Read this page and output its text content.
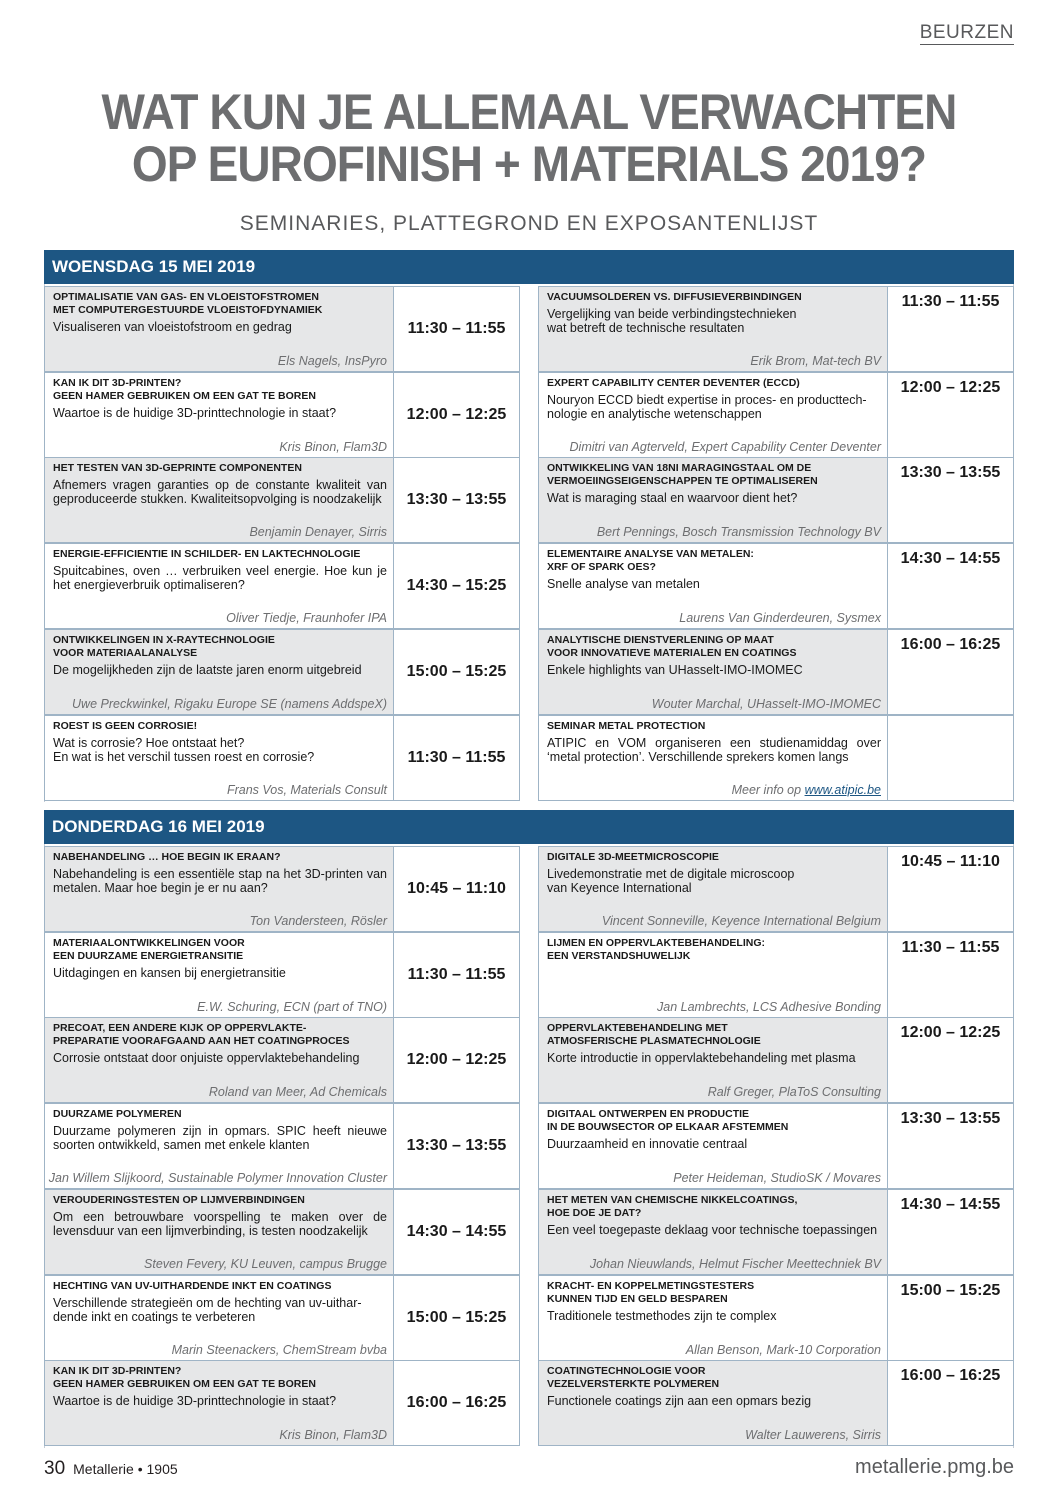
BEURZEN
WAT KUN JE ALLEMAAL VERWACHTEN
OP EUROFINISH + MATERIALS 2019?
SEMINARIES, PLATTEGROND EN EXPOSANTENLIJST
WOENSDAG 15 MEI 2019
OPTIMALISATIE VAN GAS- EN VLOEISTOFSTROMEN
MET COMPUTERGESTUURDE VLOEISTOFDYNAMIEK
Visualiseren van vloeistofstroom en gedrag
Els Nagels, InsPyro
11:30 – 11:55
KAN IK DIT 3D-PRINTEN?
GEEN HAMER GEBRUIKEN OM EEN GAT TE BOREN
Waartoe is de huidige 3D-printtechnologie in staat?
Kris Binon, Flam3D
12:00 – 12:25
HET TESTEN VAN 3D-GEPRINTE COMPONENTEN
Afnemers vragen garanties op de constante kwaliteit van geproduceerde stukken. Kwaliteitsopvolging is noodzakelijk
Benjamin Denayer, Sirris
13:30 – 13:55
ENERGIE-EFFICIENTIE IN SCHILDER- EN LAKTECHNOLOGIE
Spuitcabines, oven … verbruiken veel energie. Hoe kun je het energieverbruik optimaliseren?
Oliver Tiedje, Fraunhofer IPA
14:30 – 15:25
ONTWIKKELINGEN IN X-RAYTECHNOLOGIE
VOOR MATERIAALANALYSE
De mogelijkheden zijn de laatste jaren enorm uitgebreid
Uwe Preckwinkel, Rigaku Europe SE (namens AddspeX)
15:00 – 15:25
ROEST IS GEEN CORROSIE!
Wat is corrosie? Hoe ontstaat het?
En wat is het verschil tussen roest en corrosie?
Frans Vos, Materials Consult
11:30 – 11:55
VACUUMSOLDEREN VS. DIFFUSIEVERBINDINGEN
Vergelijking van beide verbindingstechnieken
wat betreft de technische resultaten
Erik Brom, Mat-tech BV
11:30 – 11:55
EXPERT CAPABILITY CENTER DEVENTER (ECCD)
Nouryon ECCD biedt expertise in proces- en producttech-
nologie en analytische wetenschappen
Dimitri van Agterveld, Expert Capability Center Deventer
12:00 – 12:25
ONTWIKKELING VAN 18NI MARAGINGSTAAL OM DE
VERMOEIINGSEIGENSCHAPPEN TE OPTIMALISEREN
Wat is maraging staal en waarvoor dient het?
Bert Pennings, Bosch Transmission Technology BV
13:30 – 13:55
ELEMENTAIRE ANALYSE VAN METALEN:
XRF OF SPARK OES?
Snelle analyse van metalen
Laurens Van Ginderdeuren, Sysmex
14:30 – 14:55
ANALYTISCHE DIENSTVERLENING OP MAAT
VOOR INNOVATIEVE MATERIALEN EN COATINGS
Enkele highlights van UHasselt-IMO-IMOMEC
Wouter Marchal, UHasselt-IMO-IMOMEC
16:00 – 16:25
SEMINAR METAL PROTECTION
ATIPIC en VOM organiseren een studienamiddag over ‘metal protection’. Verschillende sprekers komen langs
Meer info op www.atipic.be
DONDERDAG 16 MEI 2019
NABEHANDELING … HOE BEGIN IK ERAAN?
Nabehandeling is een essentiële stap na het 3D-printen van metalen. Maar hoe begin je er nu aan?
Ton Vandersteen, Rösler
10:45 – 11:10
MATERIAALONTWIKKELINGEN VOOR
EEN DUURZAME ENERGIETRANSITIE
Uitdagingen en kansen bij energietransitie
E.W. Schuring, ECN (part of TNO)
11:30 – 11:55
PRECOAT, EEN ANDERE KIJK OP OPPERVLAKTE-
PREPARATIE VOORAFGAAND AAN HET COATINGPROCES
Corrosie ontstaat door onjuiste oppervlaktebehandeling
Roland van Meer, Ad Chemicals
12:00 – 12:25
DUURZAME POLYMEREN
Duurzame polymeren zijn in opmars. SPIC heeft nieuwe soorten ontwikkeld, samen met enkele klanten
Jan Willem Slijkoord, Sustainable Polymer Innovation Cluster
13:30 – 13:55
VEROUDERINGSTESTEN OP LIJMVERBINDINGEN
Om een betrouwbare voorspelling te maken over de levensduur van een lijmverbinding, is testen noodzakelijk
Steven Fevery, KU Leuven, campus Brugge
14:30 – 14:55
HECHTING VAN UV-UITHARDENDE INKT EN COATINGS
Verschillende strategieën om de hechting van uv-uithar-
dende inkt en coatings te verbeteren
Marin Steenackers, ChemStream bvba
15:00 – 15:25
KAN IK DIT 3D-PRINTEN?
GEEN HAMER GEBRUIKEN OM EEN GAT TE BOREN
Waartoe is de huidige 3D-printtechnologie in staat?
Kris Binon, Flam3D
16:00 – 16:25
DIGITALE 3D-MEETMICROSCOPIE
Livedemonstratie met de digitale microscoop
van Keyence International
Vincent Sonneville, Keyence International Belgium
10:45 – 11:10
LIJMEN EN OPPERVLAKTEBEHANDELING:
EEN VERSTANDSHUWELIJK
Jan Lambrechts, LCS Adhesive Bonding
11:30 – 11:55
OPPERVLAKTEBEHANDELING MET
ATMOSFERISCHE PLASMATECHNOLOGIE
Korte introductie in oppervlaktebehandeling met plasma
Ralf Greger, PlaToS Consulting
12:00 – 12:25
DIGITAAL ONTWERPEN EN PRODUCTIE
IN DE BOUWSECTOR OP ELKAAR AFSTEMMEN
Duurzaamheid en innovatie centraal
Peter Heideman, StudioSK / Movares
13:30 – 13:55
HET METEN VAN CHEMISCHE NIKKELCOATINGS,
HOE DOE JE DAT?
Een veel toegepaste deklaag voor technische toepassingen
Johan Nieuwlands, Helmut Fischer Meettechniek BV
14:30 – 14:55
KRACHT- EN KOPPELMETINGSTESTERS
KUNNEN TIJD EN GELD BESPAREN
Traditionele testmethodes zijn te complex
Allan Benson, Mark-10 Corporation
15:00 – 15:25
COATINGTECHNOLOGIE VOOR
VEZELVERSTERKTE POLYMEREN
Functionele coatings zijn aan een opmars bezig
Walter Lauwerens, Sirris
16:00 – 16:25
30 Metallerie • 1905	metallerie.pmg.be
